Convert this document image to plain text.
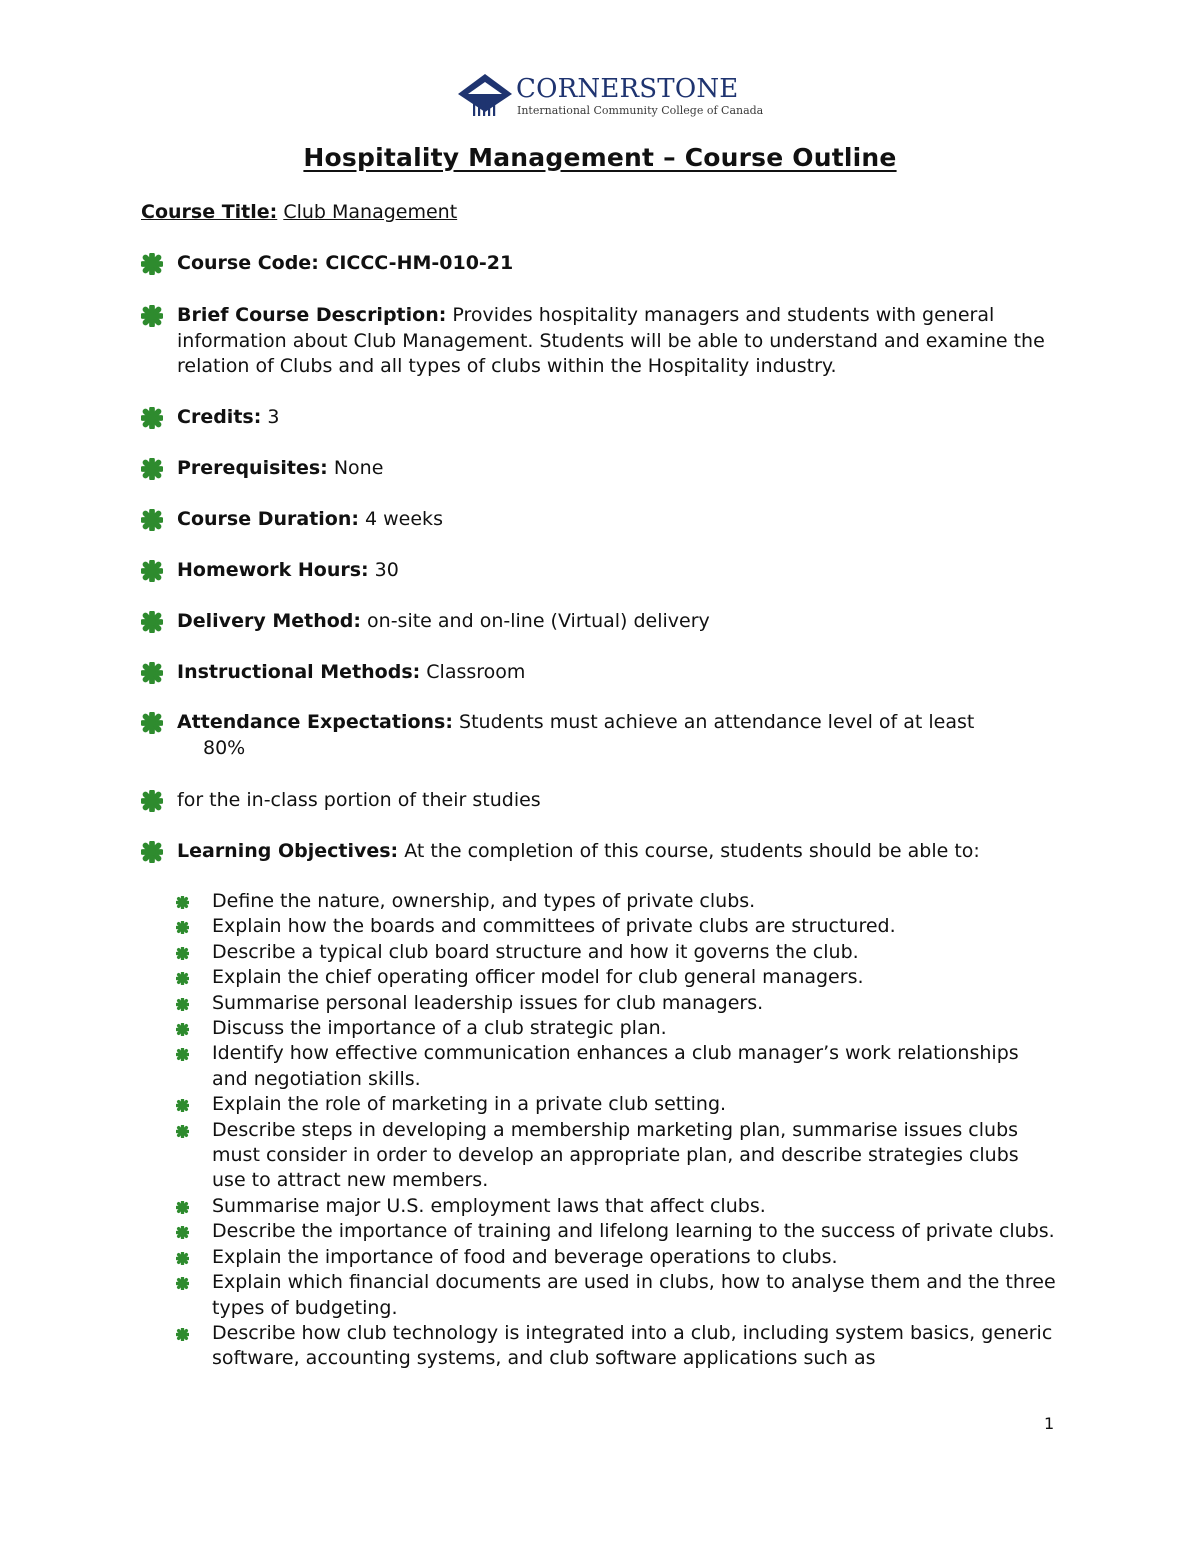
CORNERSTONE
International Community College of Canada
Hospitality Management – Course Outline
Course Title: Club Management
Course Code: CICCC-HM-010-21
Brief Course Description: Provides hospitality managers and students with general information about Club Management. Students will be able to understand and examine the relation of Clubs and all types of clubs within the Hospitality industry.
Credits: 3
Prerequisites: None
Course Duration: 4 weeks
Homework Hours: 30
Delivery Method: on-site and on-line (Virtual) delivery
Instructional Methods: Classroom
Attendance Expectations: Students must achieve an attendance level of at least
80%
for the in-class portion of their studies
Learning Objectives: At the completion of this course, students should be able to:
Define the nature, ownership, and types of private clubs.
Explain how the boards and committees of private clubs are structured.
Describe a typical club board structure and how it governs the club.
Explain the chief operating officer model for club general managers.
Summarise personal leadership issues for club managers.
Discuss the importance of a club strategic plan.
Identify how effective communication enhances a club manager’s work relationships and negotiation skills.
Explain the role of marketing in a private club setting.
Describe steps in developing a membership marketing plan, summarise issues clubs must consider in order to develop an appropriate plan, and describe strategies clubs use to attract new members.
Summarise major U.S. employment laws that affect clubs.
Describe the importance of training and lifelong learning to the success of private clubs.
Explain the importance of food and beverage operations to clubs.
Explain which financial documents are used in clubs, how to analyse them and the three types of budgeting.
Describe how club technology is integrated into a club, including system basics, generic software, accounting systems, and club software applications such as
1
